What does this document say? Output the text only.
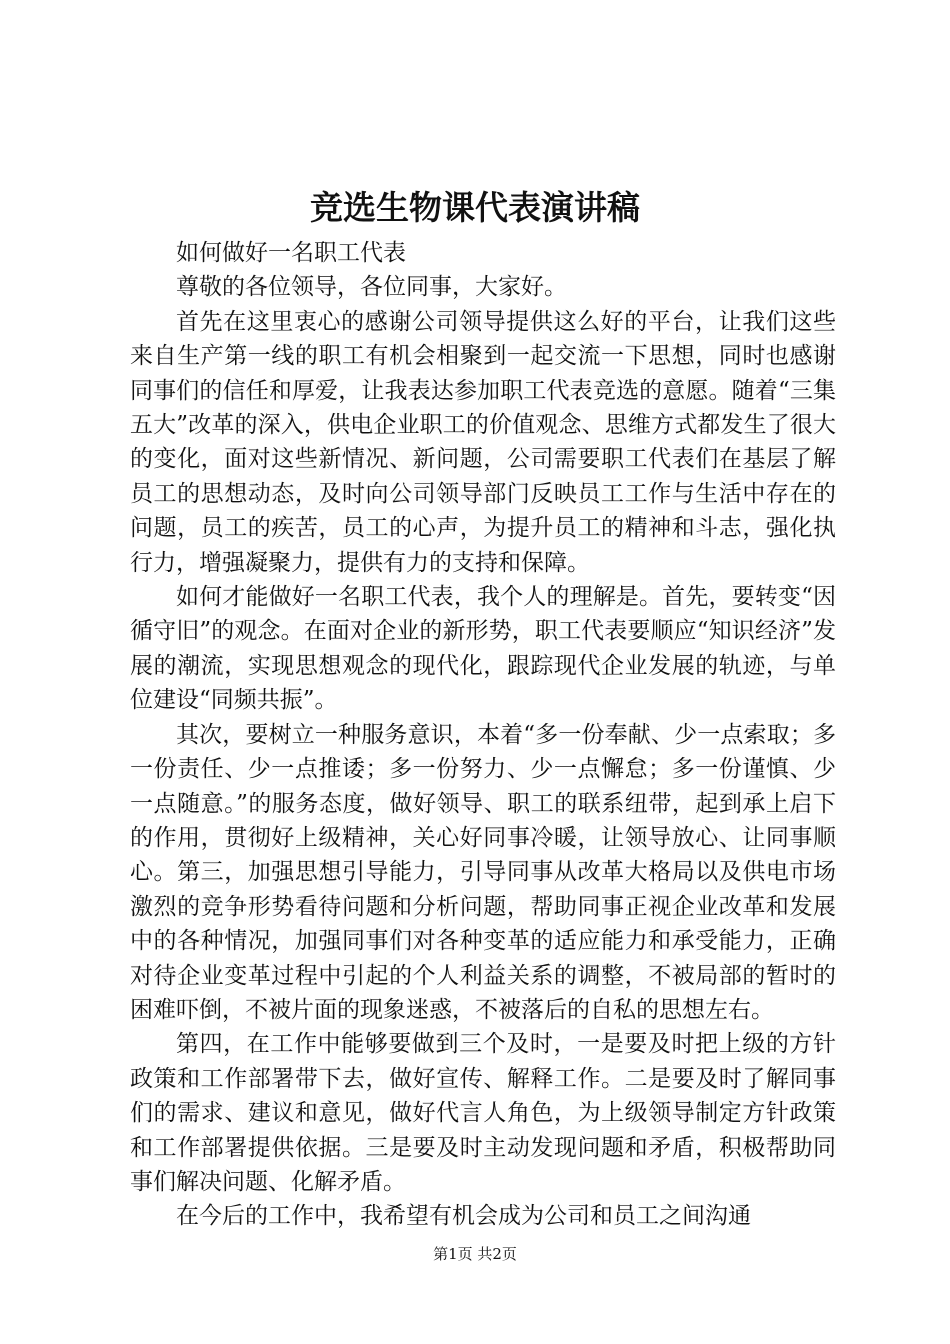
竞选生物课代表演讲稿

如何做好一名职工代表

尊敬的各位领导，各位同事，大家好。

首先在这里衷心的感谢公司领导提供这么好的平台，让我们这些来自生产第一线的职工有机会相聚到一起交流一下思想，同时也感谢同事们的信任和厚爱，让我表达参加职工代表竞选的意愿。随着“三集五大”改革的深入，供电企业职工的价值观念、思维方式都发生了很大的变化，面对这些新情况、新问题，公司需要职工代表们在基层了解员工的思想动态，及时向公司领导部门反映员工工作与生活中存在的问题，员工的疾苦，员工的心声，为提升员工的精神和斗志，强化执行力，增强凝聚力，提供有力的支持和保障。

如何才能做好一名职工代表，我个人的理解是。首先，要转变“因循守旧”的观念。在面对企业的新形势，职工代表要顺应“知识经济”发展的潮流，实现思想观念的现代化，跟踪现代企业发展的轨迹，与单位建设“同频共振”。

其次，要树立一种服务意识，本着“多一份奉献、少一点索取；多一份责任、少一点推诿；多一份努力、少一点懈怠；多一份谨慎、少一点随意。”的服务态度，做好领导、职工的联系纽带，起到承上启下的作用，贯彻好上级精神，关心好同事冷暖，让领导放心、让同事顺心。第三，加强思想引导能力，引导同事从改革大格局以及供电市场激烈的竞争形势看待问题和分析问题，帮助同事正视企业改革和发展中的各种情况，加强同事们对各种变革的适应能力和承受能力，正确对待企业变革过程中引起的个人利益关系的调整，不被局部的暂时的困难吓倒，不被片面的现象迷惑，不被落后的自私的思想左右。

第四，在工作中能够要做到三个及时，一是要及时把上级的方针政策和工作部署带下去，做好宣传、解释工作。二是要及时了解同事们的需求、建议和意见，做好代言人角色，为上级领导制定方针政策和工作部署提供依据。三是要及时主动发现问题和矛盾，积极帮助同事们解决问题、化解矛盾。

在今后的工作中，我希望有机会成为公司和员工之间沟通

第1页 共2页
